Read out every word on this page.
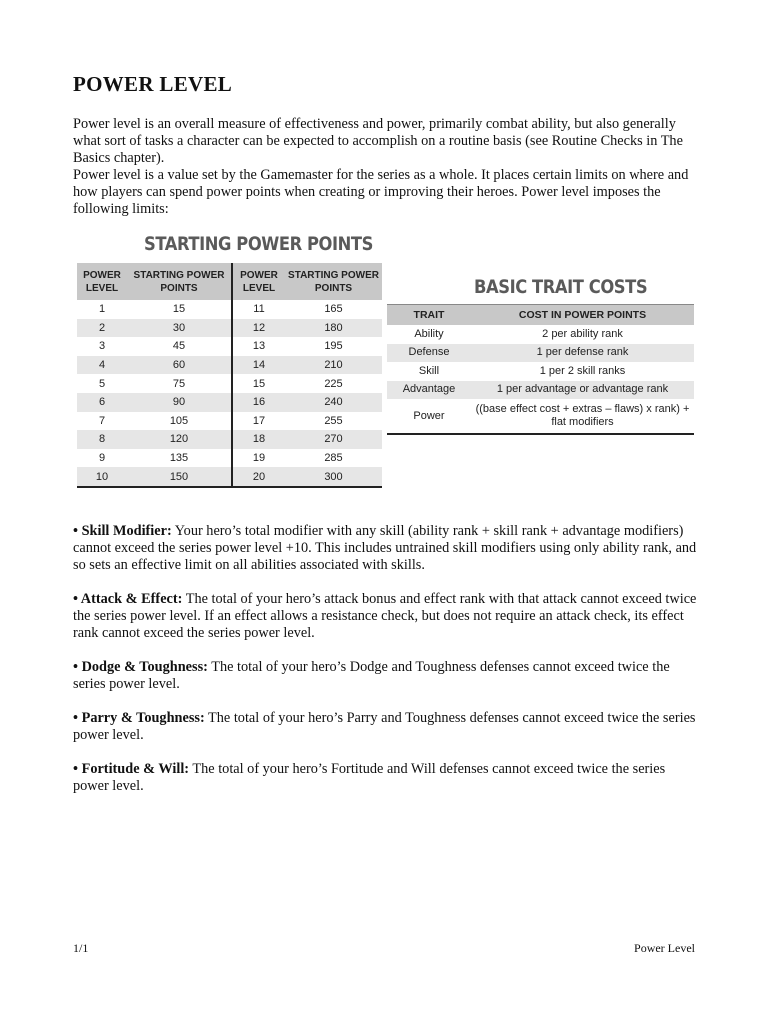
POWER LEVEL

Power level is an overall measure of effectiveness and power, primarily combat ability, but also generally what sort of tasks a character can be expected to accomplish on a routine basis (see Routine Checks in The Basics chapter).

Power level is a value set by the Gamemaster for the series as a whole. It places certain limits on where and how players can spend power points when creating or improving their heroes. Power level imposes the following limits:

STARTING POWER POINTS
POWER LEVEL	STARTING POWER POINTS	POWER LEVEL	STARTING POWER POINTS
1	15	11	165
2	30	12	180
3	45	13	195
4	60	14	210
5	75	15	225
6	90	16	240
7	105	17	255
8	120	18	270
9	135	19	285
10	150	20	300
BASIC TRAIT COSTS
TRAIT	COST IN POWER POINTS
Ability	2 per ability rank
Defense	1 per defense rank
Skill	1 per 2 skill ranks
Advantage	1 per advantage or advantage rank
Power	((base effect cost + extras – flaws) x rank) + flat modifiers

• Skill Modifier: Your hero’s total modifier with any skill (ability rank + skill rank + advantage modifiers) cannot exceed the series power level +10. This includes untrained skill modifiers using only ability rank, and so sets an effective limit on all abilities associated with skills.

• Attack & Effect: The total of your hero’s attack bonus and effect rank with that attack cannot exceed twice the series power level. If an effect allows a resistance check, but does not require an attack check, its effect rank cannot exceed the series power level.

• Dodge & Toughness: The total of your hero’s Dodge and Toughness defenses cannot exceed twice the series power level.

• Parry & Toughness: The total of your hero’s Parry and Toughness defenses cannot exceed twice the series power level.

• Fortitude & Will: The total of your hero’s Fortitude and Will defenses cannot exceed twice the series power level.

1/1	Power Level
